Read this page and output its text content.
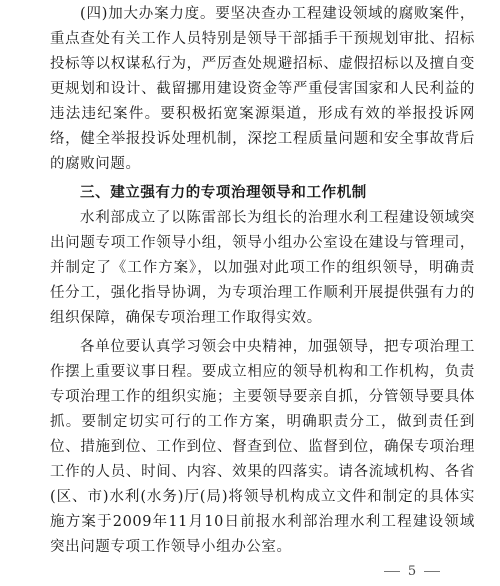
(四)加大办案力度。要坚决查办工程建设领域的腐败案件，重点查处有关工作人员特别是领导干部插手干预规划审批、招标投标等以权谋私行为，严厉查处规避招标、虚假招标以及擅自变更规划和设计、截留挪用建设资金等严重侵害国家和人民利益的违法违纪案件。要积极拓宽案源渠道，形成有效的举报投诉网络，健全举报投诉处理机制，深挖工程质量问题和安全事故背后的腐败问题。

三、建立强有力的专项治理领导和工作机制

水利部成立了以陈雷部长为组长的治理水利工程建设领域突出问题专项工作领导小组，领导小组办公室设在建设与管理司，并制定了《工作方案》，以加强对此项工作的组织领导，明确责任分工，强化指导协调，为专项治理工作顺利开展提供强有力的组织保障，确保专项治理工作取得实效。

各单位要认真学习领会中央精神，加强领导，把专项治理工作摆上重要议事日程。要成立相应的领导机构和工作机构，负责专项治理工作的组织实施；主要领导要亲自抓，分管领导要具体抓。要制定切实可行的工作方案，明确职责分工，做到责任到位、措施到位、工作到位、督查到位、监督到位，确保专项治理工作的人员、时间、内容、效果的四落实。请各流域机构、各省(区、市)水利(水务)厅(局)将领导机构成立文件和制定的具体实施方案于2009年11月10日前报水利部治理水利工程建设领域突出问题专项工作领导小组办公室。

5
